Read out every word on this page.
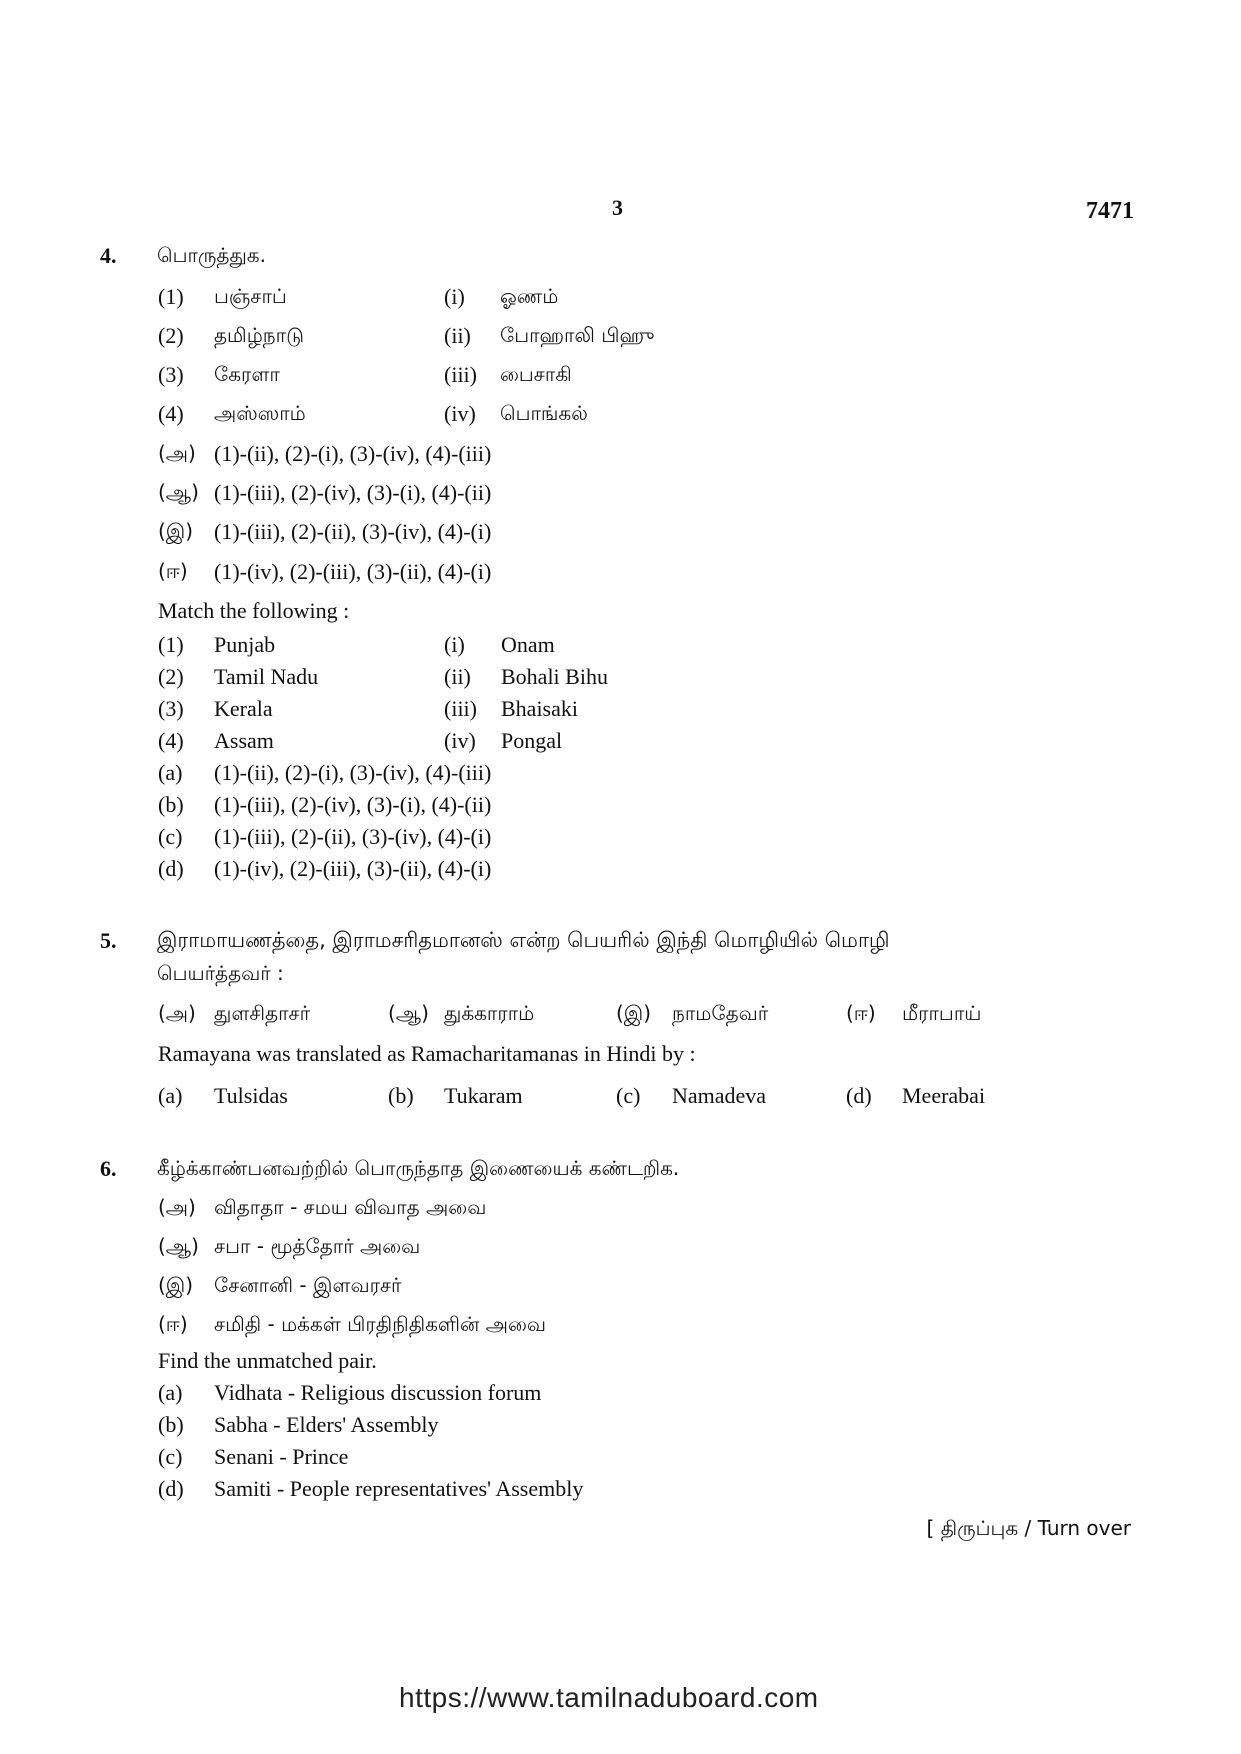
3	7471
4. பொருத்துக.
(1) பஞ்சாப்	(i) ஓணம்
(2) தமிழ்நாடு	(ii) போஹாலி பிஹு
(3) கேரளா	(iii) பைசாகி
(4) அஸ்ஸாம்	(iv) பொங்கல்
(அ) (1)-(ii), (2)-(i), (3)-(iv), (4)-(iii)
(ஆ) (1)-(iii), (2)-(iv), (3)-(i), (4)-(ii)
(இ) (1)-(iii), (2)-(ii), (3)-(iv), (4)-(i)
(ஈ) (1)-(iv), (2)-(iii), (3)-(ii), (4)-(i)
Match the following :
(1) Punjab	(i) Onam
(2) Tamil Nadu	(ii) Bohali Bihu
(3) Kerala	(iii) Bhaisaki
(4) Assam	(iv) Pongal
(a) (1)-(ii), (2)-(i), (3)-(iv), (4)-(iii)
(b) (1)-(iii), (2)-(iv), (3)-(i), (4)-(ii)
(c) (1)-(iii), (2)-(ii), (3)-(iv), (4)-(i)
(d) (1)-(iv), (2)-(iii), (3)-(ii), (4)-(i)
5. இராமாயணத்தை, இராமசரிதமானஸ் என்ற பெயரில் இந்தி மொழியில் மொழி
பெயர்த்தவர் :
(அ) துளசிதாசர்	(ஆ) துக்காராம்	(இ) நாமதேவர்	(ஈ) மீராபாய்
Ramayana was translated as Ramacharitamanas in Hindi by :
(a) Tulsidas	(b) Tukaram	(c) Namadeva	(d) Meerabai
6. கீழ்க்காண்பனவற்றில் பொருந்தாத இணையைக் கண்டறிக.
(அ) விதாதா - சமய விவாத அவை
(ஆ) சபா - மூத்தோர் அவை
(இ) சேனானி - இளவரசர்
(ஈ) சமிதி - மக்கள் பிரதிநிதிகளின் அவை
Find the unmatched pair.
(a) Vidhata - Religious discussion forum
(b) Sabha - Elders' Assembly
(c) Senani - Prince
(d) Samiti - People representatives' Assembly
[ திருப்புக / Turn over
https://www.tamilnaduboard.com
